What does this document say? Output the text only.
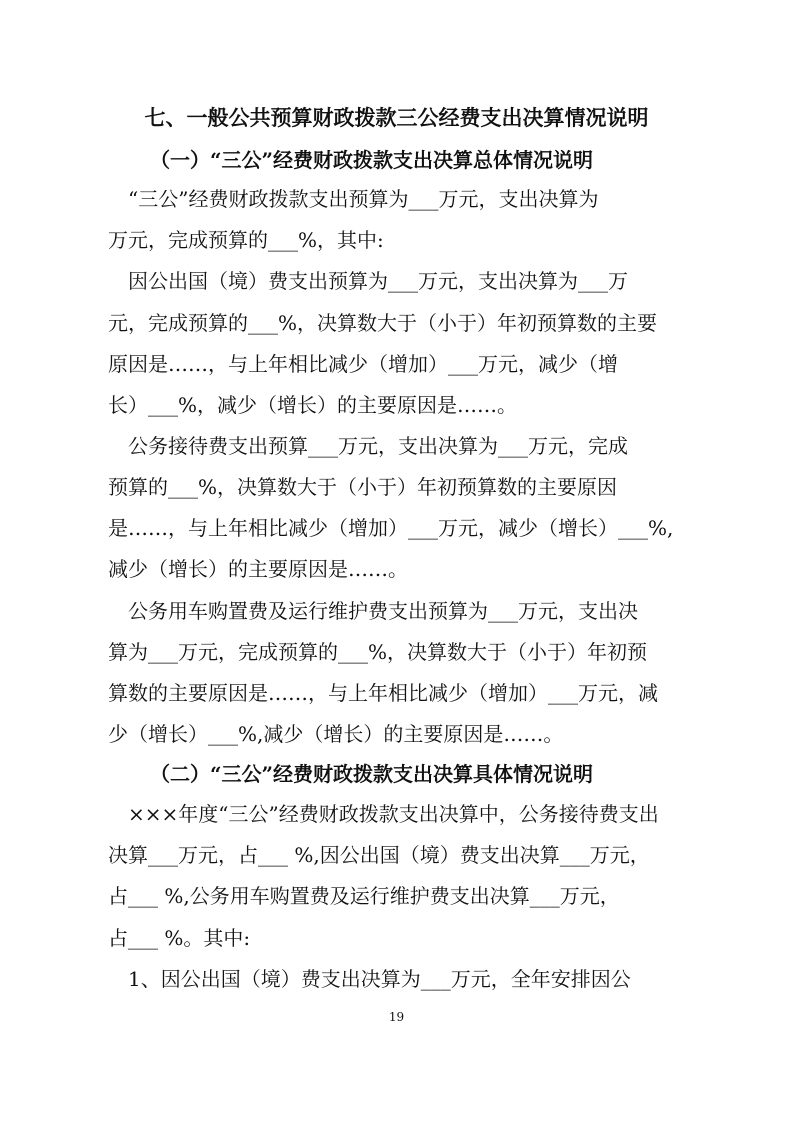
七、一般公共预算财政拨款三公经费支出决算情况说明
（一）“三公”经费财政拨款支出决算总体情况说明
　“三公”经费财政拨款支出预算为___万元，支出决算为
万元，完成预算的___%，其中:
　因公出国（境）费支出预算为___万元，支出决算为___万
元，完成预算的___%，决算数大于（小于）年初预算数的主要
原因是……，与上年相比减少（增加）___万元，减少（增
长）___%，减少（增长）的主要原因是……。
　公务接待费支出预算___万元，支出决算为___万元，完成
预算的___%，决算数大于（小于）年初预算数的主要原因
是……，与上年相比减少（增加）___万元，减少（增长）___%,
减少（增长）的主要原因是……。
　公务用车购置费及运行维护费支出预算为___万元，支出决
算为___万元，完成预算的___%，决算数大于（小于）年初预
算数的主要原因是……，与上年相比减少（增加）___万元，减
少（增长）___%,减少（增长）的主要原因是……。
（二）“三公”经费财政拨款支出决算具体情况说明
　×××年度“三公”经费财政拨款支出决算中，公务接待费支出
决算___万元，占___ %,因公出国（境）费支出决算___万元，
占___ %,公务用车购置费及运行维护费支出决算___万元，
占___ %。其中:
　1、因公出国（境）费支出决算为___万元，全年安排因公
19
